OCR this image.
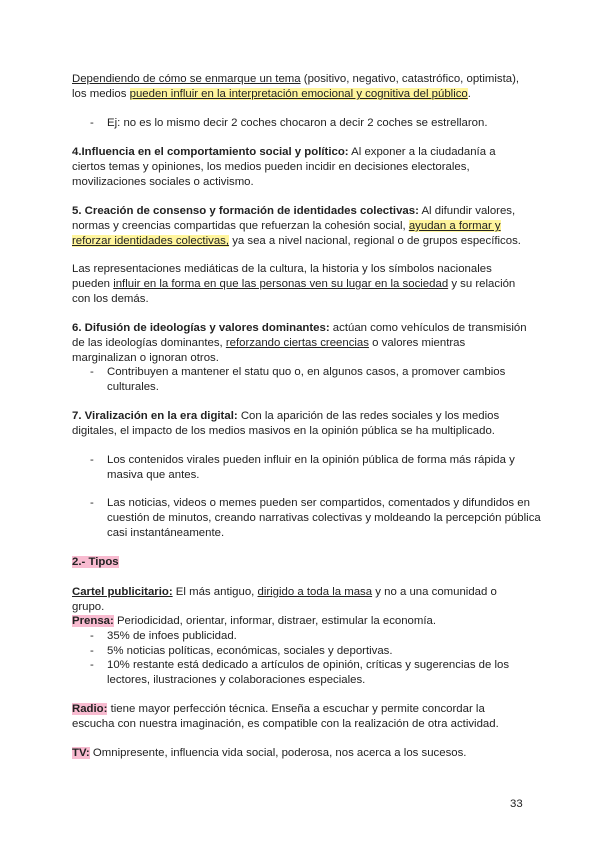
Dependiendo de cómo se enmarque un tema (positivo, negativo, catastrófico, optimista), los medios pueden influir en la interpretación emocional y cognitiva del público.

- Ej: no es lo mismo decir 2 coches chocaron a decir 2 coches se estrellaron.

4.Influencia en el comportamiento social y político: Al exponer a la ciudadanía a ciertos temas y opiniones, los medios pueden incidir en decisiones electorales, movilizaciones sociales o activismo.

5. Creación de consenso y formación de identidades colectivas: Al difundir valores, normas y creencias compartidas que refuerzan la cohesión social, ayudan a formar y reforzar identidades colectivas, ya sea a nivel nacional, regional o de grupos específicos.

Las representaciones mediáticas de la cultura, la historia y los símbolos nacionales pueden influir en la forma en que las personas ven su lugar en la sociedad y su relación con los demás.

6. Difusión de ideologías y valores dominantes: actúan como vehículos de transmisión de las ideologías dominantes, reforzando ciertas creencias o valores mientras marginalizan o ignoran otros.

- Contribuyen a mantener el statu quo o, en algunos casos, a promover cambios culturales.

7. Viralización en la era digital: Con la aparición de las redes sociales y los medios digitales, el impacto de los medios masivos en la opinión pública se ha multiplicado.

- Los contenidos virales pueden influir en la opinión pública de forma más rápida y masiva que antes.

- Las noticias, videos o memes pueden ser compartidos, comentados y difundidos en cuestión de minutos, creando narrativas colectivas y moldeando la percepción pública casi instantáneamente.

2.- Tipos

Cartel publicitario: El más antiguo, dirigido a toda la masa y no a una comunidad o grupo.

Prensa: Periodicidad, orientar, informar, distraer, estimular la economía.

- 35% de infoes publicidad.

- 5% noticias políticas, económicas, sociales y deportivas.

- 10% restante está dedicado a artículos de opinión, críticas y sugerencias de los lectores, ilustraciones y colaboraciones especiales.

Radio: tiene mayor perfección técnica. Enseña a escuchar y permite concordar la escucha con nuestra imaginación, es compatible con la realización de otra actividad.

TV: Omnipresente, influencia vida social, poderosa, nos acerca a los sucesos.

33
